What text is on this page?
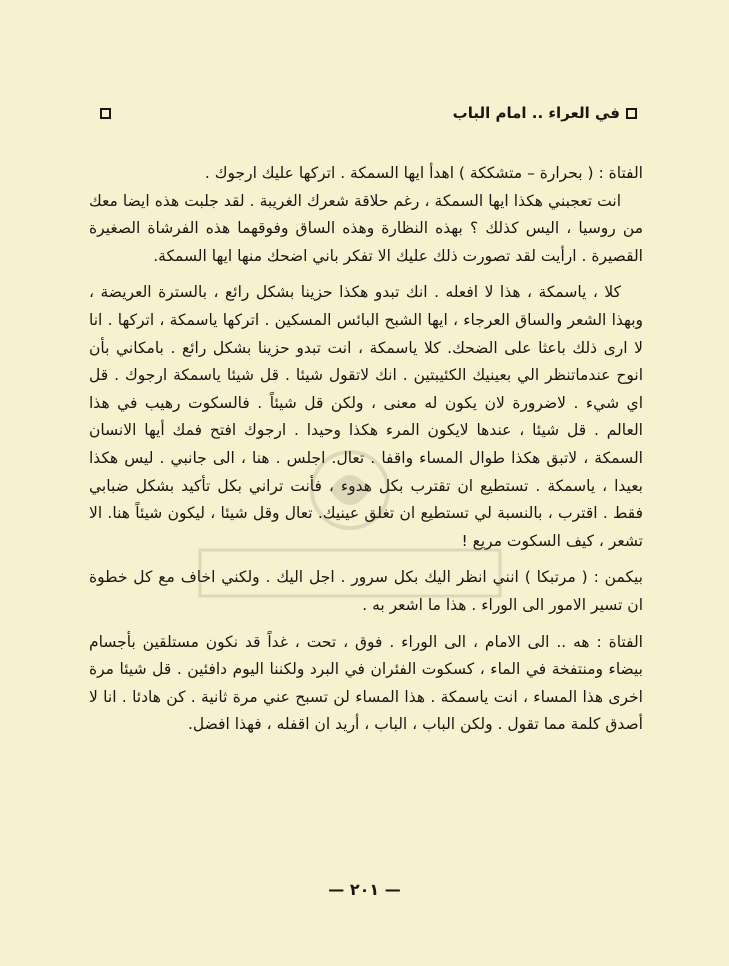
في العراء .. امام الباب

الفتاة : ( بحرارة – متشككة ) اهدأ ايها السمكة . اتركها عليك ارجوك .

انت تعجبني هكذا ايها السمكة ، رغم حلاقة شعرك الغريبة . لقد جلبت هذه ايضا معك من روسيا ، اليس كذلك ؟ بهذه النظارة وهذه الساق وفوقهما هذه الفرشاة الصغيرة القصيرة . ارأيت لقد تصورت ذلك عليك الا تفكر باني اضحك منها ايها السمكة.

كلا ، ياسمكة ، هذا لا افعله . انك تبدو هكذا حزينا بشكل رائع ، بالسترة العريضة ، وبهذا الشعر والساق العرجاء ، ايها الشبح البائس المسكين . اتركها ياسمكة ، اتركها . انا لا ارى ذلك باعثا على الضحك. كلا ياسمكة ، انت تبدو حزينا بشكل رائع . بامكاني بأن انوح عندماتنظر الي بعينيك الكئيبتين . انك لاتقول شيئا . قل شيئا ياسمكة ارجوك . قل اي شيء . لاضرورة لان يكون له معنى ، ولكن قل شيئاً . فالسكوت رهيب في هذا العالم . قل شيئا ، عندها لايكون المرء هكذا وحيدا . ارجوك افتح فمك أيها الانسان السمكة ، لاتبق هكذا طوال المساء واقفا . تعال. اجلس . هنا ، الى جانبي . ليس هكذا بعيدا ، ياسمكة . تستطيع ان تقترب بكل هدوء ، فأنت تراني بكل تأكيد بشكل ضبابي فقط . اقترب ، بالنسبة لي تستطيع ان تغلق عينيك. تعال وقل شيئا ، ليكون شيئاً هنا. الا تشعر ، كيف السكوت مريع !

بيكمن : ( مرتبكا ) انني انظر اليك بكل سرور . اجل اليك . ولكني اخاف مع كل خطوة ان تسير الامور الى الوراء . هذا ما اشعر به .

الفتاة : هه .. الى الامام ، الى الوراء . فوق ، تحت ، غداً قد نكون مستلقين بأجسام بيضاء ومنتفخة في الماء ، كسكوت الفئران في البرد ولكننا اليوم دافئين . قل شيئا مرة اخرى هذا المساء ، انت ياسمكة . هذا المساء لن تسبح عني مرة ثانية . كن هادئا . انا لا أصدق كلمة مما تقول . ولكن الباب ، الباب ، أريد ان اقفله ، فهذا افضل.

— ٢٠١ —
